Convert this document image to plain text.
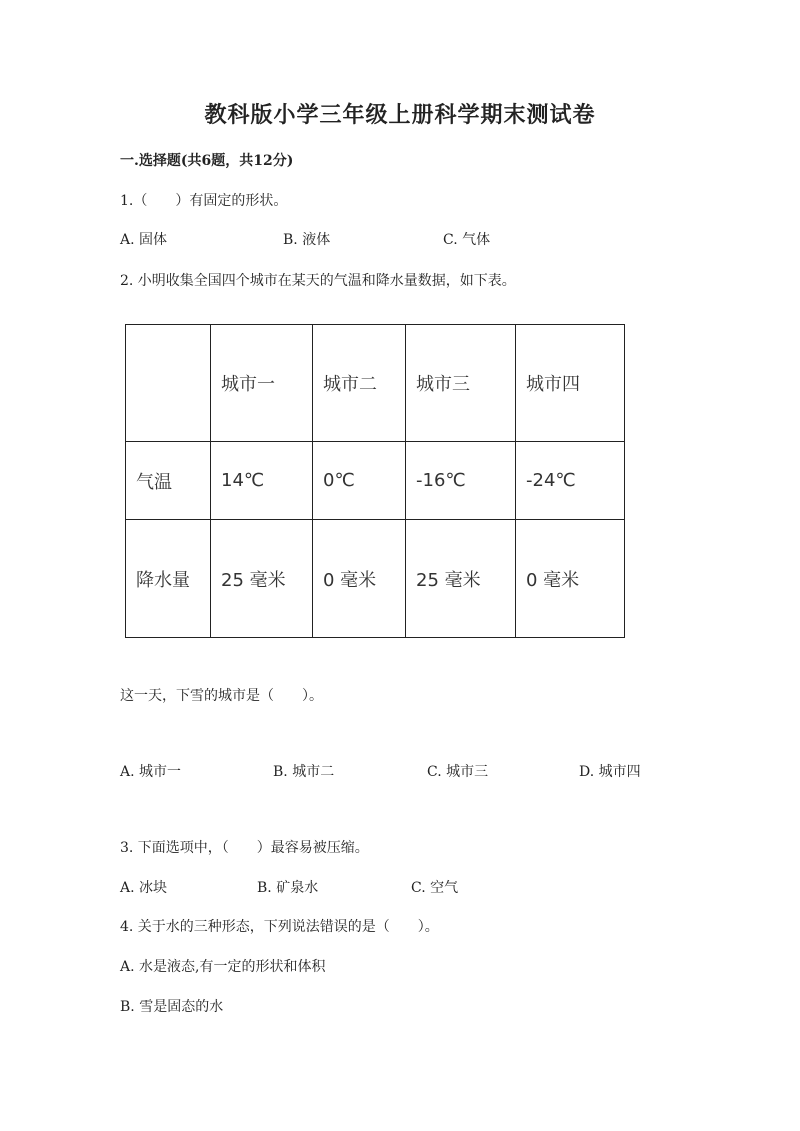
教科版小学三年级上册科学期末测试卷

一.选择题(共6题，共12分)

1.（　　）有固定的形状。

A. 固体	B. 液体	C. 气体

2. 小明收集全国四个城市在某天的气温和降水量数据，如下表。

	城市一	城市二	城市三	城市四
气温	14℃	0℃	-16℃	-24℃
降水量	25 毫米	0 毫米	25 毫米	0 毫米

这一天，下雪的城市是（　　）。

A. 城市一	B. 城市二	C. 城市三	D. 城市四

3. 下面选项中，（　　）最容易被压缩。

A. 冰块	B. 矿泉水	C. 空气

4. 关于水的三种形态，下列说法错误的是（　　）。

A. 水是液态,有一定的形状和体积

B. 雪是固态的水
